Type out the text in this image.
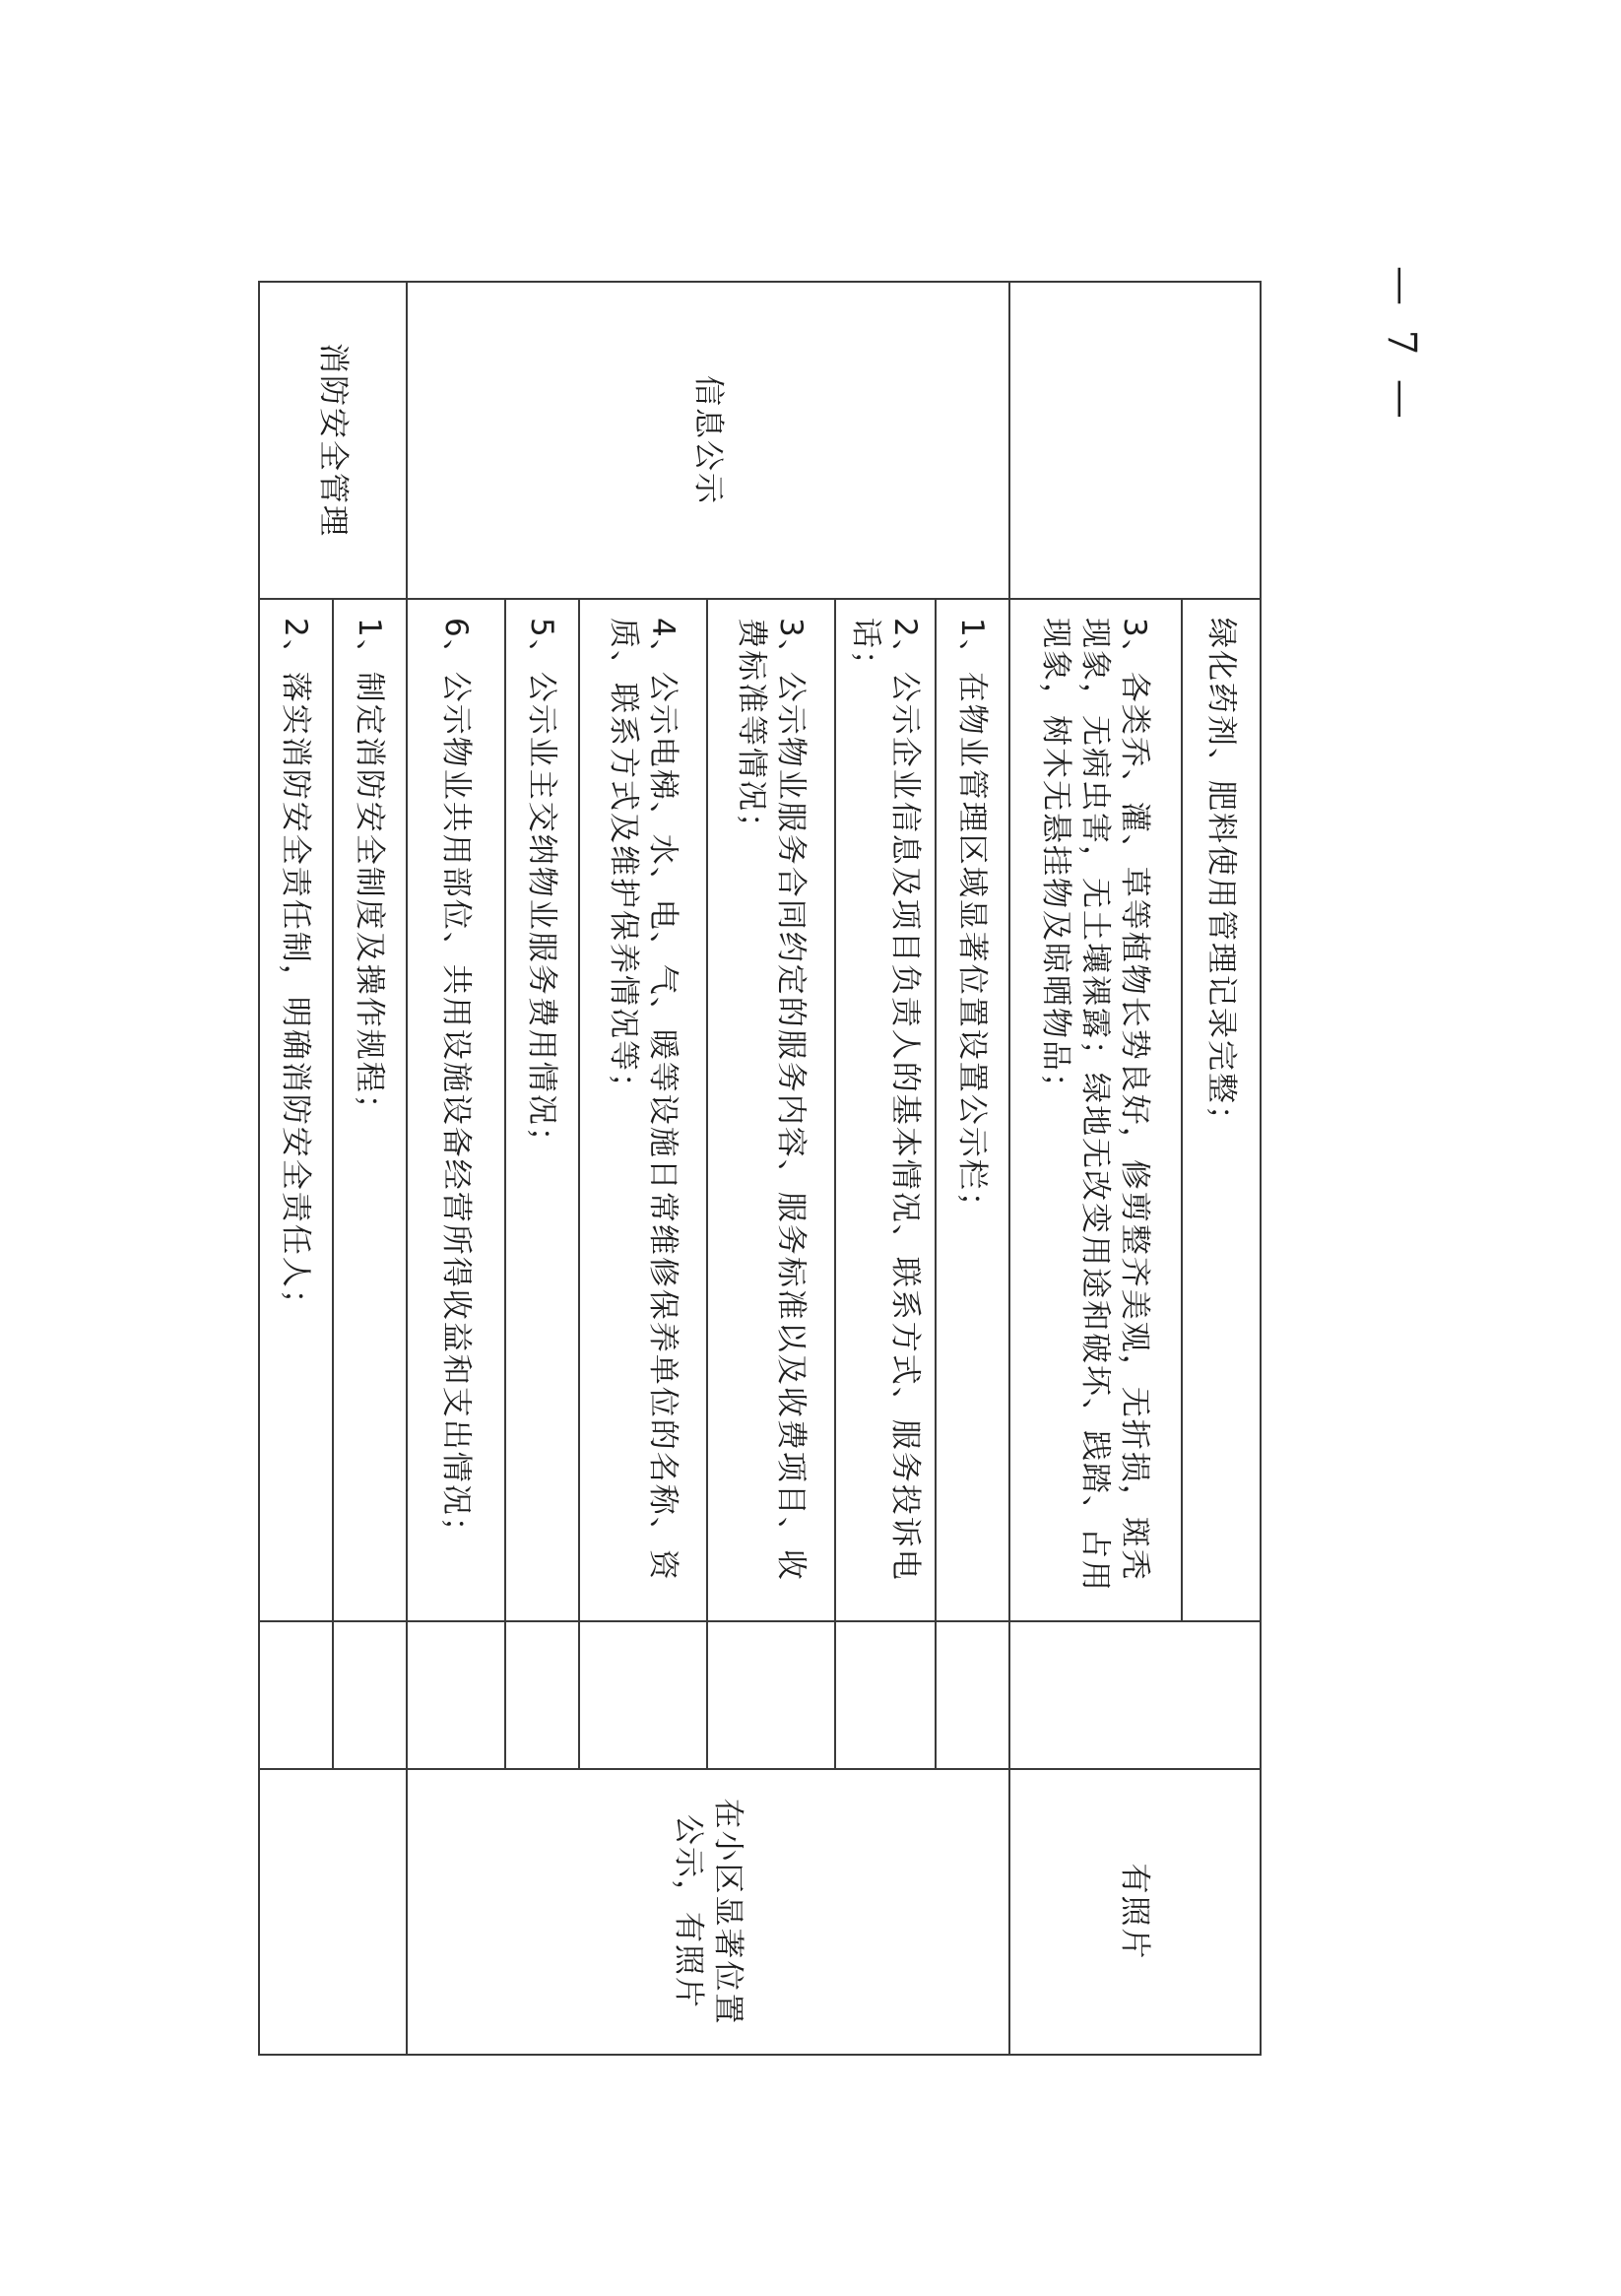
	绿化药剂、肥料使用管理记录完整；		有照片
	3、各类乔、灌、草等植物长势良好，修剪整齐美观，无折损，斑秃现象，无病虫害，无土壤裸露；绿地无改变用途和破坏、践踏、占用现象，树木无悬挂物及晾晒物品；		
信息公示	1、在物业管理区域显著位置设置公示栏；		在小区显著位置公示，有照片
	2、公示企业信息及项目负责人的基本情况、联系方式、服务投诉电话；		
	3、公示物业服务合同约定的服务内容、服务标准以及收费项目、收费标准等情况；		
	4、公示电梯、水、电、气、暖等设施日常维修保养单位的名称、资质、联系方式及维护保养情况等；		
	5、公示业主交纳物业服务费用情况；		
	6、公示物业共用部位、共用设施设备经营所得收益和支出情况；		
消防安全管理	1、制定消防安全制度及操作规程；		
	2、落实消防安全责任制，明确消防安全责任人；		
— 7 —
